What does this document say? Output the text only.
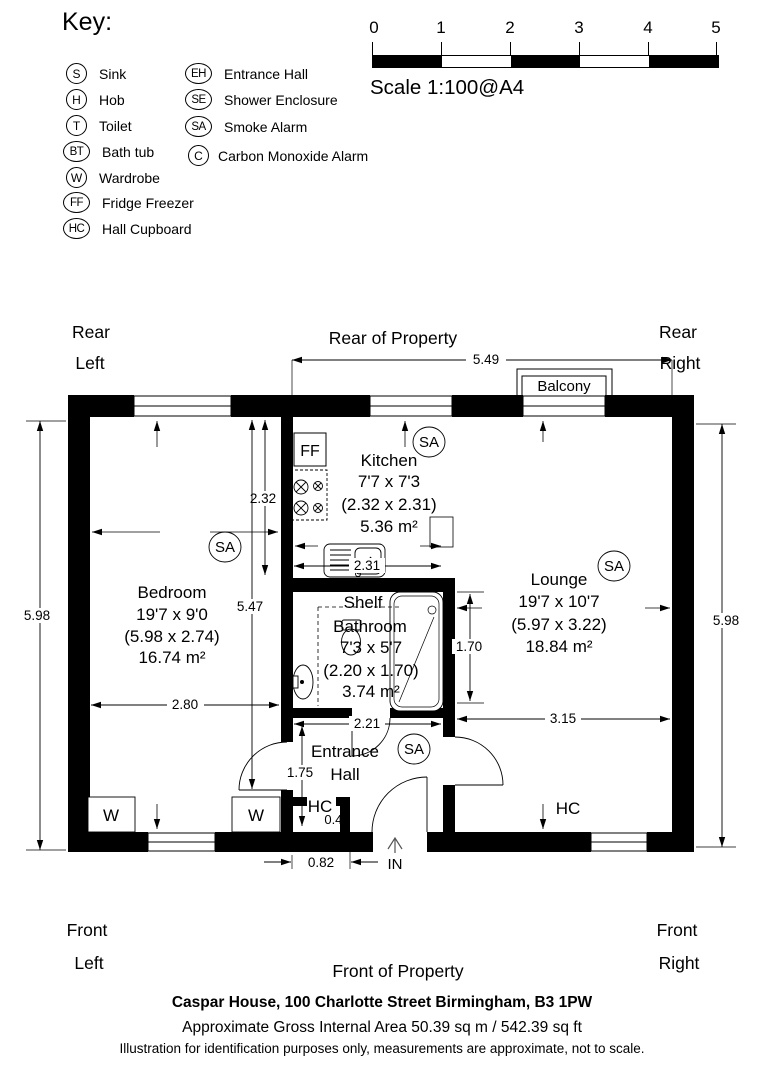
Key:
S	Sink
H	Hob
T	Toilet
BT	Bath tub
W	Wardrobe
FF	Fridge Freezer
HC	Hall Cupboard
EH	Entrance Hall
SE	Shower Enclosure
SA	Smoke Alarm
C	Carbon Monoxide Alarm
0	1	2	3	4	5
Scale 1:100@A4
Rear
Left
Rear of Property	Rear
Right
Front
Left	Front of Property
Front
Right
Balcony
FF
W	W
SA
SA
SA
SA
Bedroom
19'7 x 9'0
(5.98 x 2.74)
16.74 m²
Kitchen
7'7 x 7'3
(2.32 x 2.31)
5.36 m²
Lounge
19'7 x 10'7
(5.97 x 3.22)
18.84 m²
Shelf
Bathroom
7'3 x 5'7
(2.20 x 1.70)
3.74 m²
Entrance
Hall
HC
0.42
HC
IN
5.49
5.98	5.98
2.32
5.47
2.80
2.31
2.21	3.15
1.70
1.75
0.82
Caspar House, 100 Charlotte Street Birmingham, B3 1PW
Approximate Gross Internal Area 50.39 sq m / 542.39 sq ft
Illustration for identification purposes only, measurements are approximate, not to scale.
